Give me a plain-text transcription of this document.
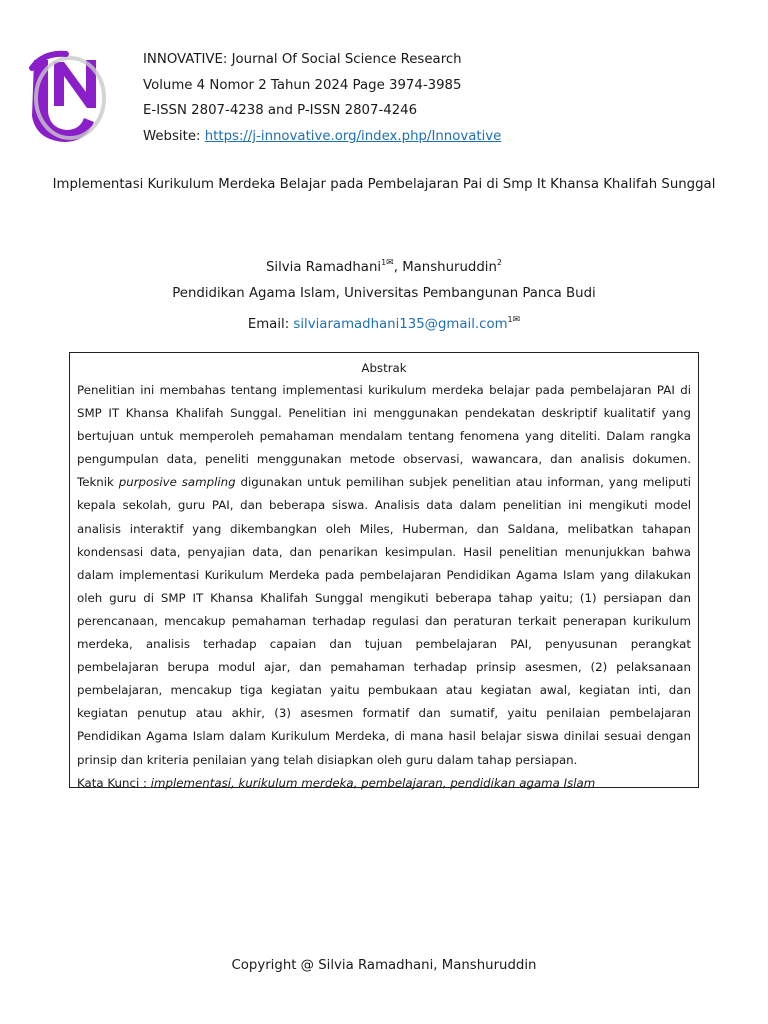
INNOVATIVE: Journal Of Social Science Research
Volume 4 Nomor 2 Tahun 2024 Page 3974-3985
E-ISSN 2807-4238 and P-ISSN 2807-4246
Website: https://j-innovative.org/index.php/Innovative
Implementasi Kurikulum Merdeka Belajar pada Pembelajaran Pai di Smp It Khansa Khalifah Sunggal
Silvia Ramadhani$^{1✉}$, Manshuruddin$^2$
Pendidikan Agama Islam, Universitas Pembangunan Panca Budi
Email: silviaramadhani135@gmail.com$^{1✉}$
Abstrak
Penelitian ini membahas tentang implementasi kurikulum merdeka belajar pada pembelajaran PAI di SMP IT Khansa Khalifah Sunggal. Penelitian ini menggunakan pendekatan deskriptif kualitatif yang bertujuan untuk memperoleh pemahaman mendalam tentang fenomena yang diteliti. Dalam rangka pengumpulan data, peneliti menggunakan metode observasi, wawancara, dan analisis dokumen. Teknik purposive sampling digunakan untuk pemilihan subjek penelitian atau informan, yang meliputi kepala sekolah, guru PAI, dan beberapa siswa. Analisis data dalam penelitian ini mengikuti model analisis interaktif yang dikembangkan oleh Miles, Huberman, dan Saldana, melibatkan tahapan kondensasi data, penyajian data, dan penarikan kesimpulan. Hasil penelitian menunjukkan bahwa dalam implementasi Kurikulum Merdeka pada pembelajaran Pendidikan Agama Islam yang dilakukan oleh guru di SMP IT Khansa Khalifah Sunggal mengikuti beberapa tahap yaitu; (1) persiapan dan perencanaan, mencakup pemahaman terhadap regulasi dan peraturan terkait penerapan kurikulum merdeka, analisis terhadap capaian dan tujuan pembelajaran PAI, penyusunan perangkat pembelajaran berupa modul ajar, dan pemahaman terhadap prinsip asesmen, (2) pelaksanaan pembelajaran, mencakup tiga kegiatan yaitu pembukaan atau kegiatan awal, kegiatan inti, dan kegiatan penutup atau akhir, (3) asesmen formatif dan sumatif, yaitu penilaian pembelajaran Pendidikan Agama Islam dalam Kurikulum Merdeka, di mana hasil belajar siswa dinilai sesuai dengan prinsip dan kriteria penilaian yang telah disiapkan oleh guru dalam tahap persiapan.
Kata Kunci : implementasi, kurikulum merdeka, pembelajaran, pendidikan agama Islam
Copyright @ Silvia Ramadhani, Manshuruddin
